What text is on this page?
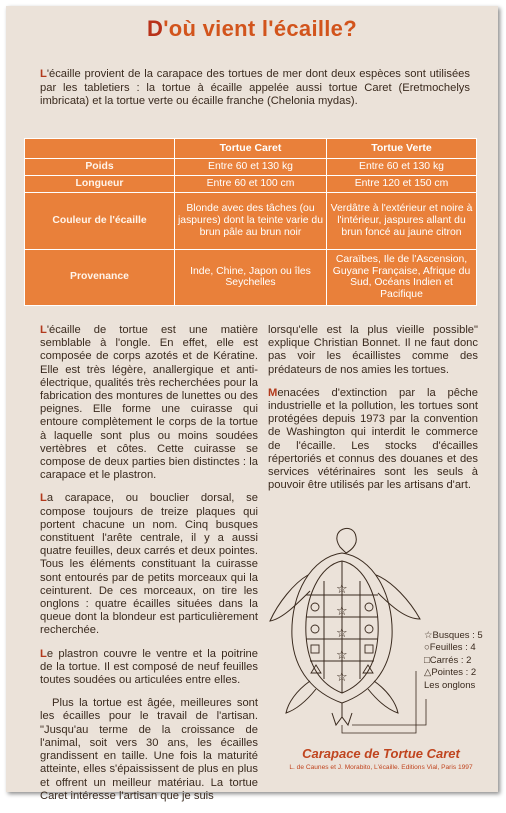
D'où vient l'écaille?
L'écaille provient de la carapace des tortues de mer dont deux espèces sont utilisées par les tabletiers : la tortue à écaille appelée aussi tortue Caret (Eretmochelys imbricata) et la tortue verte ou écaille franche (Chelonia mydas).
	Tortue Caret	Tortue Verte
Poids	Entre 60 et 130 kg	Entre 60 et 130 kg
Longueur	Entre 60 et 100 cm	Entre 120 et 150 cm
Couleur de l'écaille	Blonde avec des tâches (ou jaspures) dont la teinte varie du brun pâle au brun noir	Verdâtre à l'extérieur et noire à l'intérieur, jaspures allant du brun foncé au jaune citron
Provenance	Inde, Chine, Japon ou îles Seychelles	Caraïbes, Ile de l'Ascension, Guyane Française, Afrique du Sud, Océans Indien et Pacifique

L'écaille de tortue est une matière semblable à l'ongle. En effet, elle est composée de corps azotés et de Kératine. Elle est très légère, anallergique et anti-électrique, qualités très recherchées pour la fabrication des montures de lunettes ou des peignes. Elle forme une cuirasse qui entoure complètement le corps de la tortue à laquelle sont plus ou moins soudées vertèbres et côtes. Cette cuirasse se compose de deux parties bien distinctes : la carapace et le plastron.

La carapace, ou bouclier dorsal, se compose toujours de treize plaques qui portent chacune un nom. Cinq busques constituent l'arête centrale, il y a aussi quatre feuilles, deux carrés et deux pointes. Tous les éléments constituant la cuirasse sont entourés par de petits morceaux qui la ceinturent. De ces morceaux, on tire les onglons : quatre écailles situées dans la queue dont la blondeur est particulièrement recherchée.

Le plastron couvre le ventre et la poitrine de la tortue. Il est composé de neuf feuilles toutes soudées ou articulées entre elles.

Plus la tortue est âgée, meilleures sont les écailles pour le travail de l'artisan. "Jusqu'au terme de la croissance de l'animal, soit vers 30 ans, les écailles grandissent en taille. Une fois la maturité atteinte, elles s'épaississent de plus en plus et offrent un meilleur matériau. La tortue Caret intéresse l'artisan que je suis

lorsqu'elle est la plus vieille possible" explique Christian Bonnet. Il ne faut donc pas voir les écaillistes comme des prédateurs de nos amies les tortues.

Menacées d'extinction par la pêche industrielle et la pollution, les tortues sont protégées depuis 1973 par la convention de Washington qui interdit le commerce de l'écaille. Les stocks d'écailles répertoriés et connus des douanes et des services vétérinaires sont les seuls à pouvoir être utilisés par les artisans d'art.

☆
☆
☆
☆
☆
☆Busques : 5
○Feuilles : 4
□Carrés : 2
△Pointes : 2
Les onglons
Carapace de Tortue Caret
L. de Caunes et J. Morabito, L'écaille. Editions Vial, Paris 1997
